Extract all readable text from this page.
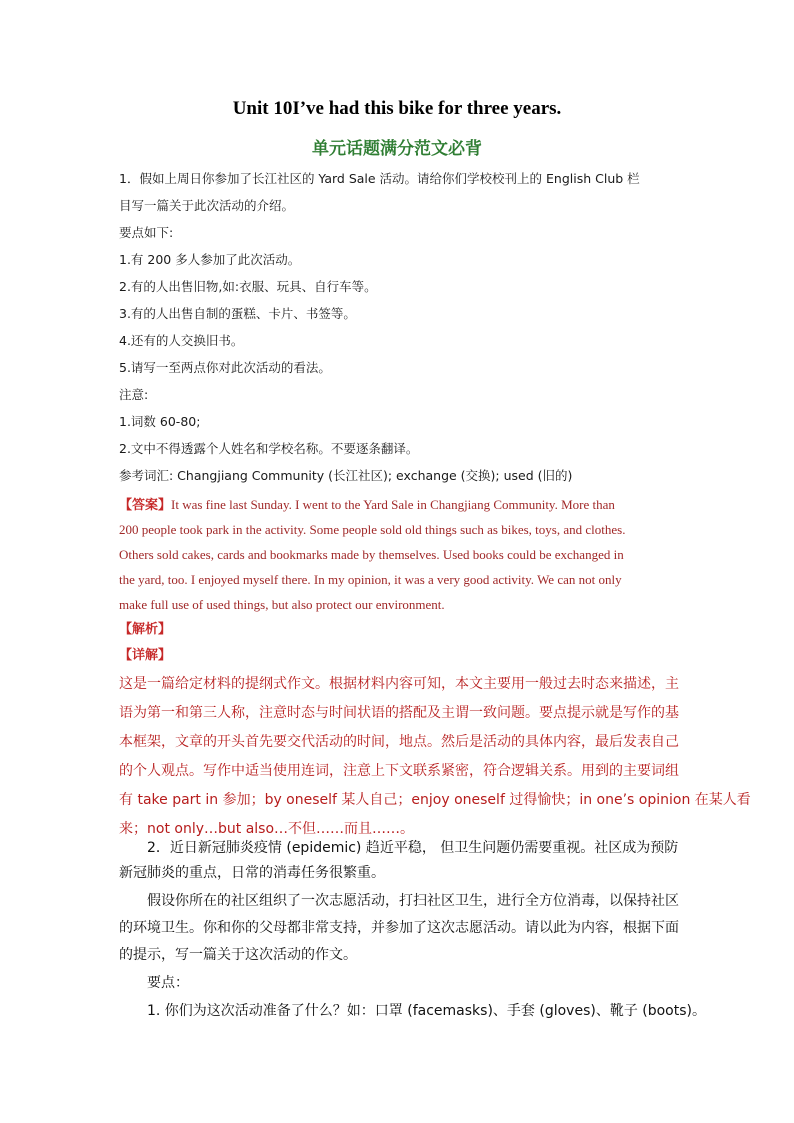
Unit 10I’ve had this bike for three years.
单元话题满分范文必背
1．假如上周日你参加了长江社区的 Yard Sale 活动。请给你们学校校刊上的 English Club 栏
目写一篇关于此次活动的介绍。
要点如下:
1.有 200 多人参加了此次活动。
2.有的人出售旧物,如:衣服、玩具、自行车等。
3.有的人出售自制的蛋糕、卡片、书签等。
4.还有的人交换旧书。
5.请写一至两点你对此次活动的看法。
注意:
1.词数 60-80;
2.文中不得透露个人姓名和学校名称。不要逐条翻译。
参考词汇: Changjiang Community (长江社区); exchange (交换); used (旧的)
【答案】It was fine last Sunday. I went to the Yard Sale in Changjiang Community. More than
200 people took park in the activity. Some people sold old things such as bikes, toys, and clothes.
Others sold cakes, cards and bookmarks made by themselves. Used books could be exchanged in
the yard, too. I enjoyed myself there. In my opinion, it was a very good activity. We can not only
make full use of used things, but also protect our environment.
【解析】
【详解】
这是一篇给定材料的提纲式作文。根据材料内容可知，本文主要用一般过去时态来描述，主
语为第一和第三人称，注意时态与时间状语的搭配及主谓一致问题。要点提示就是写作的基
本框架，文章的开头首先要交代活动的时间，地点。然后是活动的具体内容，最后发表自己
的个人观点。写作中适当使用连词，注意上下文联系紧密，符合逻辑关系。用到的主要词组
有 take part in 参加；by oneself 某人自己；enjoy oneself 过得愉快；in one’s opinion 在某人看
来；not only…but also…不但……而且……。
2．近日新冠肺炎疫情 (epidemic) 趋近平稳， 但卫生问题仍需要重视。社区成为预防
新冠肺炎的重点，日常的消毒任务很繁重。
假设你所在的社区组织了一次志愿活动，打扫社区卫生，进行全方位消毒，以保持社区
的环境卫生。你和你的父母都非常支持，并参加了这次志愿活动。请以此为内容，根据下面
的提示，写一篇关于这次活动的作文。
要点：
1. 你们为这次活动准备了什么？如：口罩 (facemasks)、手套 (gloves)、靴子 (boots)。
